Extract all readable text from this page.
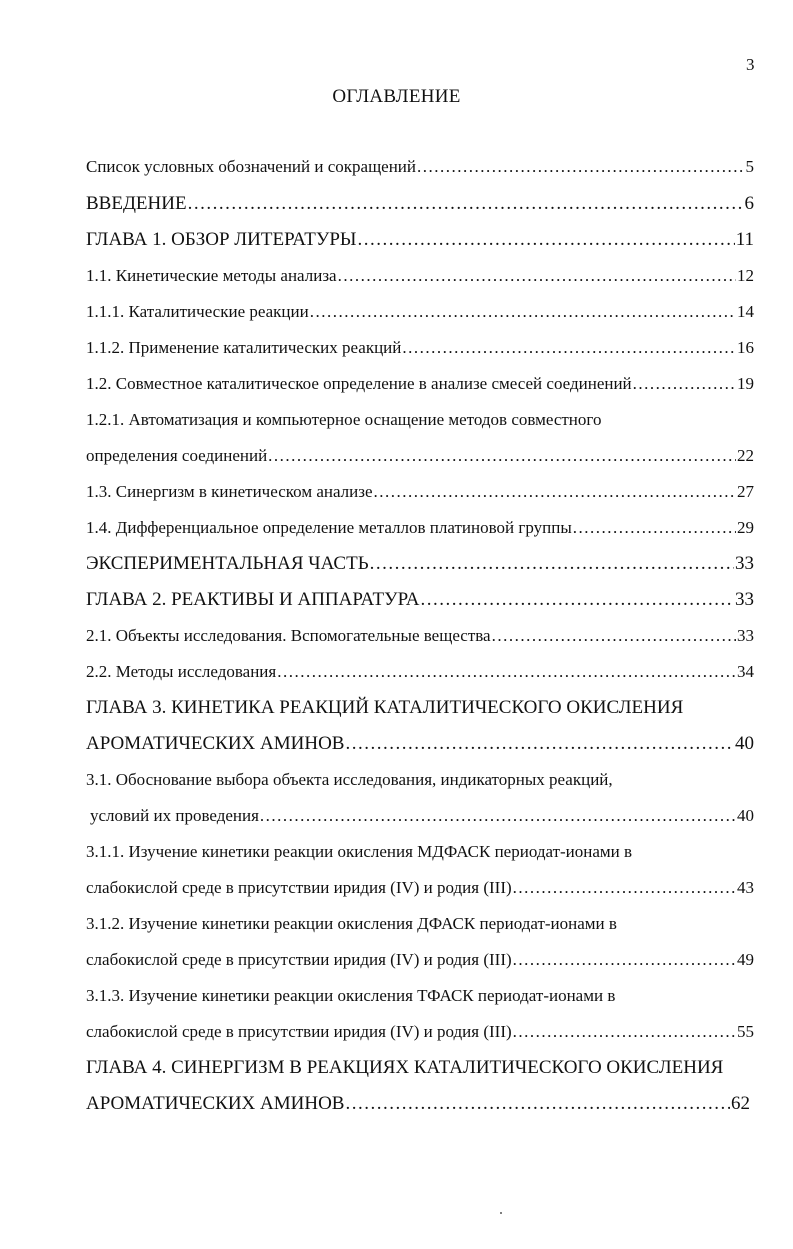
3
ОГЛАВЛЕНИЕ
Список условных обозначений и сокращений .....	5
ВВЕДЕНИЕ .....	6
ГЛАВА 1. ОБЗОР ЛИТЕРАТУРЫ .....	11
1.1. Кинетические методы анализа .....	12
1.1.1. Каталитические реакции .....	14
1.1.2. Применение каталитических реакций .....	16
1.2. Совместное каталитическое определение в анализе смесей соединений .....	19
1.2.1. Автоматизация и компьютерное оснащение методов совместного
определения соединений .....	22
1.3. Синергизм в кинетическом анализе .....	27
1.4. Дифференциальное определение металлов платиновой группы .....	29
ЭКСПЕРИМЕНТАЛЬНАЯ ЧАСТЬ .....	33
ГЛАВА 2. РЕАКТИВЫ И АППАРАТУРА .....	33
2.1. Объекты исследования. Вспомогательные вещества .....	33
2.2. Методы исследования .....	34
ГЛАВА 3. КИНЕТИКА РЕАКЦИЙ КАТАЛИТИЧЕСКОГО ОКИСЛЕНИЯ
АРОМАТИЧЕСКИХ АМИНОВ .....	40
3.1. Обоснование выбора объекта исследования, индикаторных реакций,
условий их проведения .....	40
3.1.1. Изучение кинетики реакции окисления МДФАСК периодат-ионами в
слабокислой среде в присутствии иридия (IV) и родия (III) .....	43
3.1.2. Изучение кинетики реакции окисления ДФАСК периодат-ионами в
слабокислой среде в присутствии иридия (IV) и родия (III) .....	49
3.1.3. Изучение кинетики реакции окисления ТФАСК периодат-ионами в
слабокислой среде в присутствии иридия (IV) и родия (III) .....	55
ГЛАВА 4. СИНЕРГИЗМ В РЕАКЦИЯХ КАТАЛИТИЧЕСКОГО ОКИСЛЕНИЯ
АРОМАТИЧЕСКИХ АМИНОВ .....	62
